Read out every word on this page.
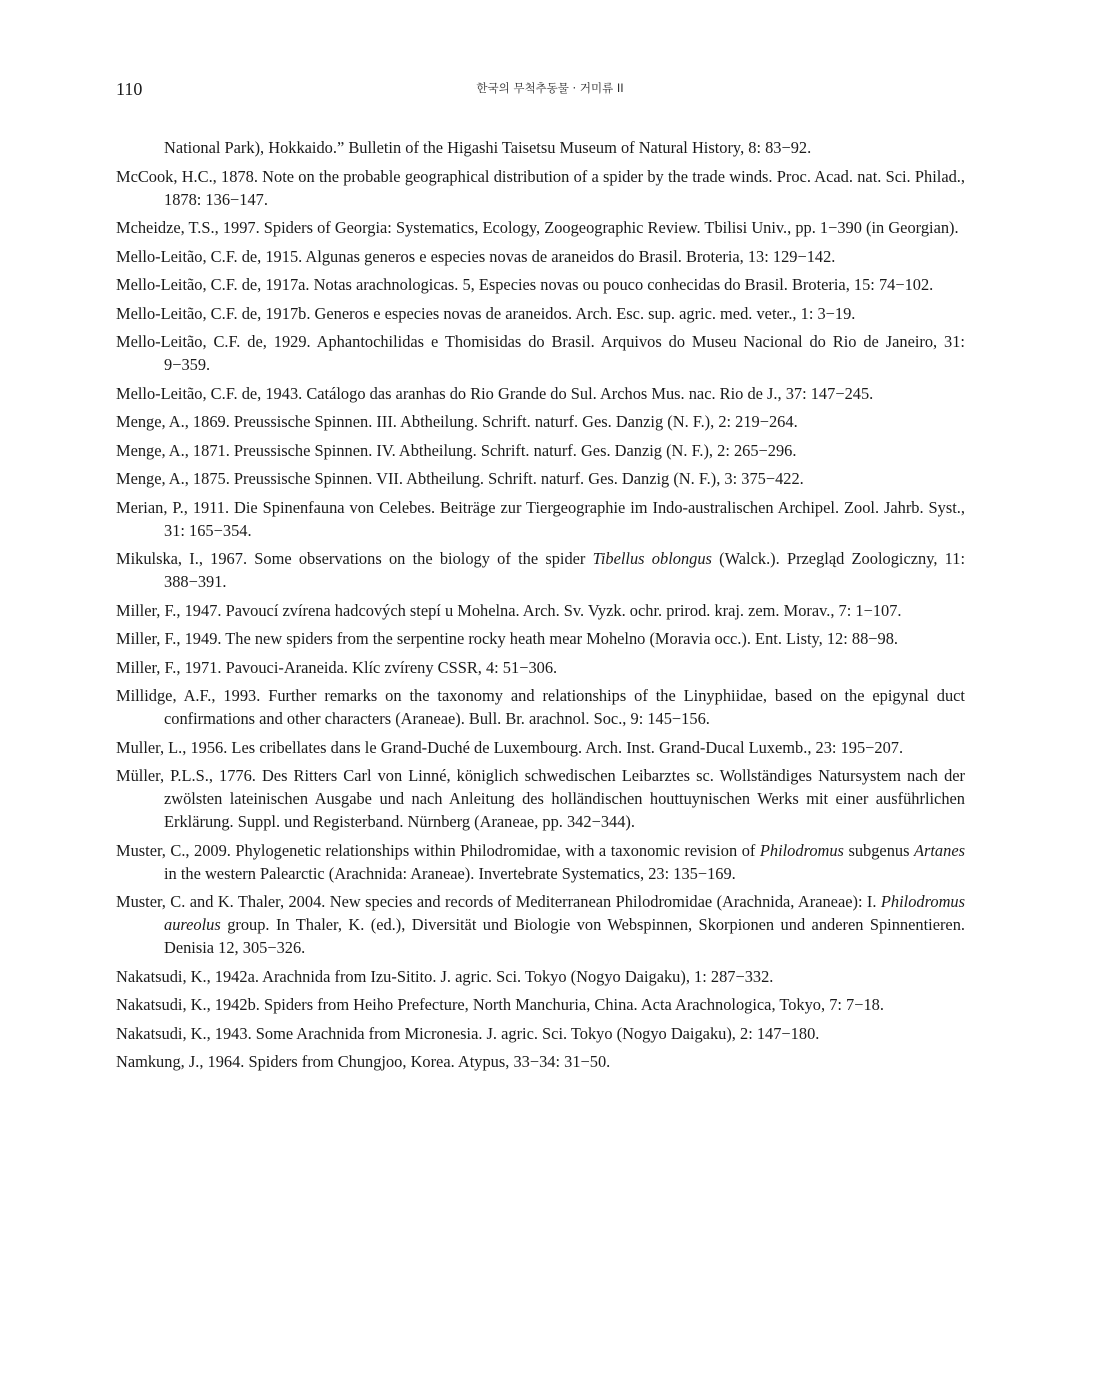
110	한국의 무척추동물 · 거미류 II
National Park), Hokkaido.” Bulletin of the Higashi Taisetsu Museum of Natural History, 8: 83−92.
McCook, H.C., 1878. Note on the probable geographical distribution of a spider by the trade winds. Proc. Acad. nat. Sci. Philad., 1878: 136−147.
Mcheidze, T.S., 1997. Spiders of Georgia: Systematics, Ecology, Zoogeographic Review. Tbilisi Univ., pp. 1−390 (in Georgian).
Mello-Leitão, C.F. de, 1915. Algunas generos e especies novas de araneidos do Brasil. Broteria, 13: 129−142.
Mello-Leitão, C.F. de, 1917a. Notas arachnologicas. 5, Especies novas ou pouco conhecidas do Brasil. Broteria, 15: 74−102.
Mello-Leitão, C.F. de, 1917b. Generos e especies novas de araneidos. Arch. Esc. sup. agric. med. veter., 1: 3−19.
Mello-Leitão, C.F. de, 1929. Aphantochilidas e Thomisidas do Brasil. Arquivos do Museu Nacional do Rio de Janeiro, 31: 9−359.
Mello-Leitão, C.F. de, 1943. Catálogo das aranhas do Rio Grande do Sul. Archos Mus. nac. Rio de J., 37: 147−245.
Menge, A., 1869. Preussische Spinnen. III. Abtheilung. Schrift. naturf. Ges. Danzig (N. F.), 2: 219−264.
Menge, A., 1871. Preussische Spinnen. IV. Abtheilung. Schrift. naturf. Ges. Danzig (N. F.), 2: 265−296.
Menge, A., 1875. Preussische Spinnen. VII. Abtheilung. Schrift. naturf. Ges. Danzig (N. F.), 3: 375−422.
Merian, P., 1911. Die Spinenfauna von Celebes. Beiträge zur Tiergeographie im Indo-australischen Archipel. Zool. Jahrb. Syst., 31: 165−354.
Mikulska, I., 1967. Some observations on the biology of the spider Tibellus oblongus (Walck.). Przegląd Zoologiczny, 11: 388−391.
Miller, F., 1947. Pavoucí zvírena hadcových stepí u Mohelna. Arch. Sv. Vyzk. ochr. prirod. kraj. zem. Morav., 7: 1−107.
Miller, F., 1949. The new spiders from the serpentine rocky heath mear Mohelno (Moravia occ.). Ent. Listy, 12: 88−98.
Miller, F., 1971. Pavouci-Araneida. Klíc zvíreny CSSR, 4: 51−306.
Millidge, A.F., 1993. Further remarks on the taxonomy and relationships of the Linyphiidae, based on the epigynal duct confirmations and other characters (Araneae). Bull. Br. arachnol. Soc., 9: 145−156.
Muller, L., 1956. Les cribellates dans le Grand-Duché de Luxembourg. Arch. Inst. Grand-Ducal Luxemb., 23: 195−207.
Müller, P.L.S., 1776. Des Ritters Carl von Linné, königlich schwedischen Leibarztes sc. Wollständiges Natursystem nach der zwölsten lateinischen Ausgabe und nach Anleitung des holländischen houttuynischen Werks mit einer ausführlichen Erklärung. Suppl. und Registerband. Nürnberg (Araneae, pp. 342−344).
Muster, C., 2009. Phylogenetic relationships within Philodromidae, with a taxonomic revision of Philodromus subgenus Artanes in the western Palearctic (Arachnida: Araneae). Invertebrate Systematics, 23: 135−169.
Muster, C. and K. Thaler, 2004. New species and records of Mediterranean Philodromidae (Arachnida, Araneae): I. Philodromus aureolus group. In Thaler, K. (ed.), Diversität und Biologie von Webspinnen, Skorpionen und anderen Spinnentieren. Denisia 12, 305−326.
Nakatsudi, K., 1942a. Arachnida from Izu-Sitito. J. agric. Sci. Tokyo (Nogyo Daigaku), 1: 287−332.
Nakatsudi, K., 1942b. Spiders from Heiho Prefecture, North Manchuria, China. Acta Arachnologica, Tokyo, 7: 7−18.
Nakatsudi, K., 1943. Some Arachnida from Micronesia. J. agric. Sci. Tokyo (Nogyo Daigaku), 2: 147−180.
Namkung, J., 1964. Spiders from Chungjoo, Korea. Atypus, 33−34: 31−50.
